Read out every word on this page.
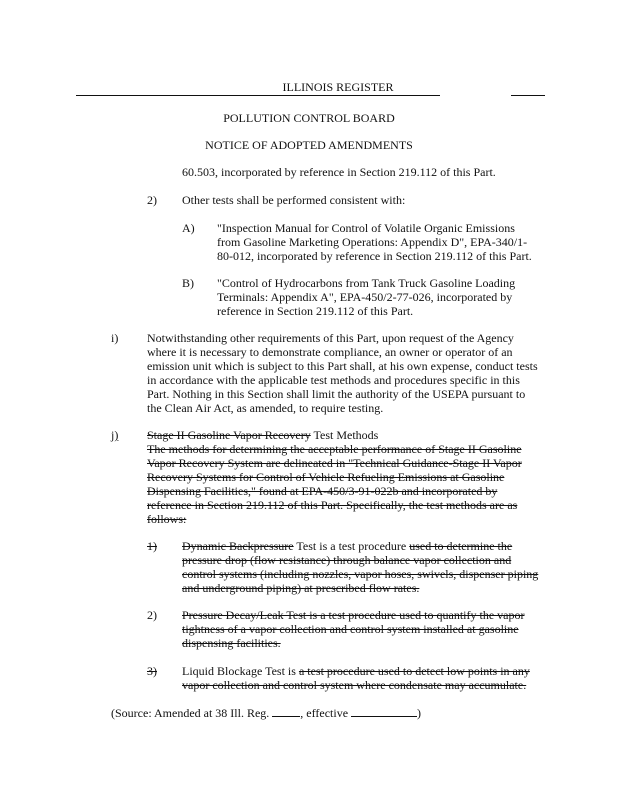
ILLINOIS REGISTER
POLLUTION CONTROL BOARD
NOTICE OF ADOPTED AMENDMENTS
60.503, incorporated by reference in Section 219.112 of this Part.
2) Other tests shall be performed consistent with:
A) "Inspection Manual for Control of Volatile Organic Emissions
from Gasoline Marketing Operations: Appendix D", EPA-340/1-
80-012, incorporated by reference in Section 219.112 of this Part.
B) "Control of Hydrocarbons from Tank Truck Gasoline Loading
Terminals: Appendix A", EPA-450/2-77-026, incorporated by
reference in Section 219.112 of this Part.
i) Notwithstanding other requirements of this Part, upon request of the Agency
where it is necessary to demonstrate compliance, an owner or operator of an
emission unit which is subject to this Part shall, at his own expense, conduct tests
in accordance with the applicable test methods and procedures specific in this
Part. Nothing in this Section shall limit the authority of the USEPA pursuant to
the Clean Air Act, as amended, to require testing.
j) Stage II Gasoline Vapor Recovery Test Methods
The methods for determining the acceptable performance of Stage II Gasoline
Vapor Recovery System are delineated in "Technical Guidance-Stage II Vapor
Recovery Systems for Control of Vehicle Refueling Emissions at Gasoline
Dispensing Facilities," found at EPA-450/3-91-022b and incorporated by
reference in Section 219.112 of this Part. Specifically, the test methods are as
follows:
1) Dynamic Backpressure Test is a test procedure used to determine the
pressure drop (flow resistance) through balance vapor collection and
control systems (including nozzles, vapor hoses, swivels, dispenser piping
and underground piping) at prescribed flow rates.
2) Pressure Decay/Leak Test is a test procedure used to quantify the vapor
tightness of a vapor collection and control system installed at gasoline
dispensing facilities.
3) Liquid Blockage Test is a test procedure used to detect low points in any
vapor collection and control system where condensate may accumulate.
(Source: Amended at 38 Ill. Reg. , effective	)
